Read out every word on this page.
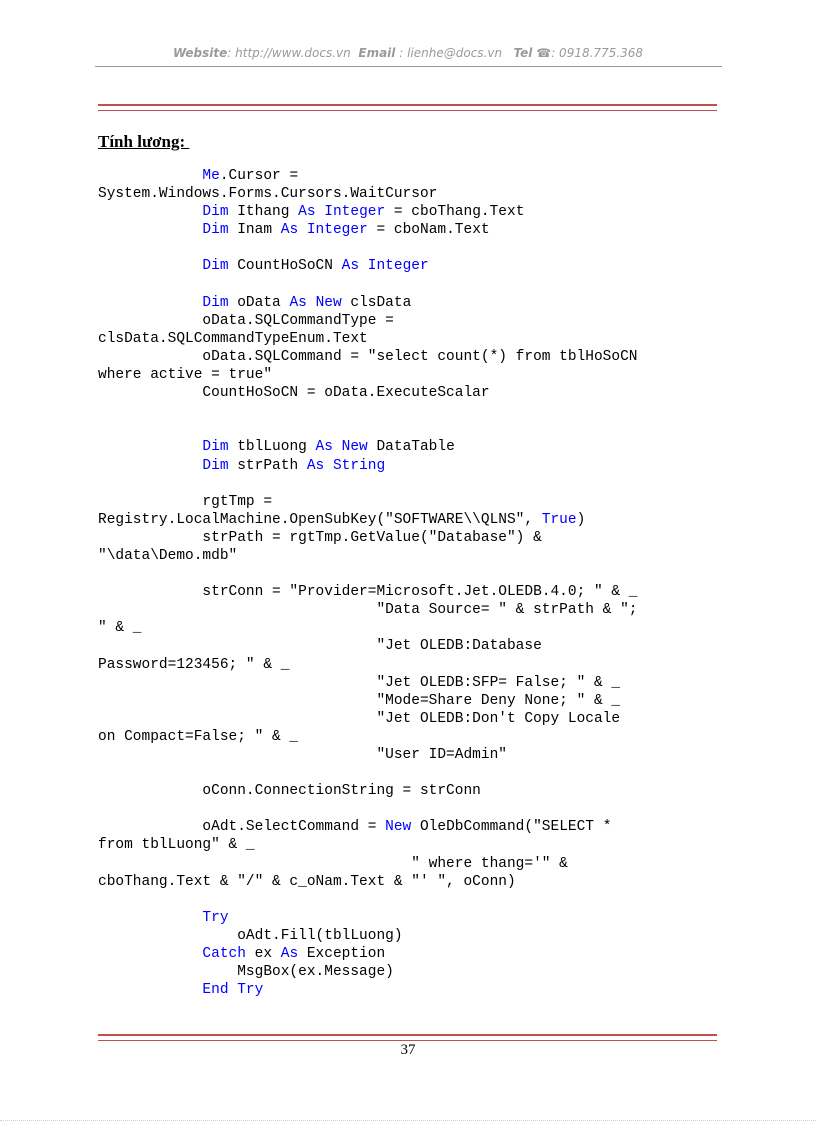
Website: http://www.docs.vn Email : lienhe@docs.vn Tel ☎: 0918.775.368
Tính lương:
Me.Cursor =
System.Windows.Forms.Cursors.WaitCursor
Dim Ithang As Integer = cboThang.Text
Dim Inam As Integer = cboNam.Text
Dim CountHoSoCN As Integer
Dim oData As New clsData
oData.SQLCommandType =
clsData.SQLCommandTypeEnum.Text
oData.SQLCommand = "select count(*) from tblHoSoCN
where active = true"
CountHoSoCN = oData.ExecuteScalar
Dim tblLuong As New DataTable
Dim strPath As String
rgtTmp =
Registry.LocalMachine.OpenSubKey("SOFTWARE\\QLNS", True)
strPath = rgtTmp.GetValue("Database") &
"\data\Demo.mdb"
strConn = "Provider=Microsoft.Jet.OLEDB.4.0; " & _
"Data Source= " & strPath & ";
" & _
"Jet OLEDB:Database
Password=123456; " & _
"Jet OLEDB:SFP= False; " & _
"Mode=Share Deny None; " & _
"Jet OLEDB:Don't Copy Locale
on Compact=False; " & _
"User ID=Admin"
oConn.ConnectionString = strConn
oAdt.SelectCommand = New OleDbCommand("SELECT *
from tblLuong" & _
" where thang='" &
cboThang.Text & "/" & c_oNam.Text & "' ", oConn)
Try
oAdt.Fill(tblLuong)
Catch ex As Exception
MsgBox(ex.Message)
End Try
37
